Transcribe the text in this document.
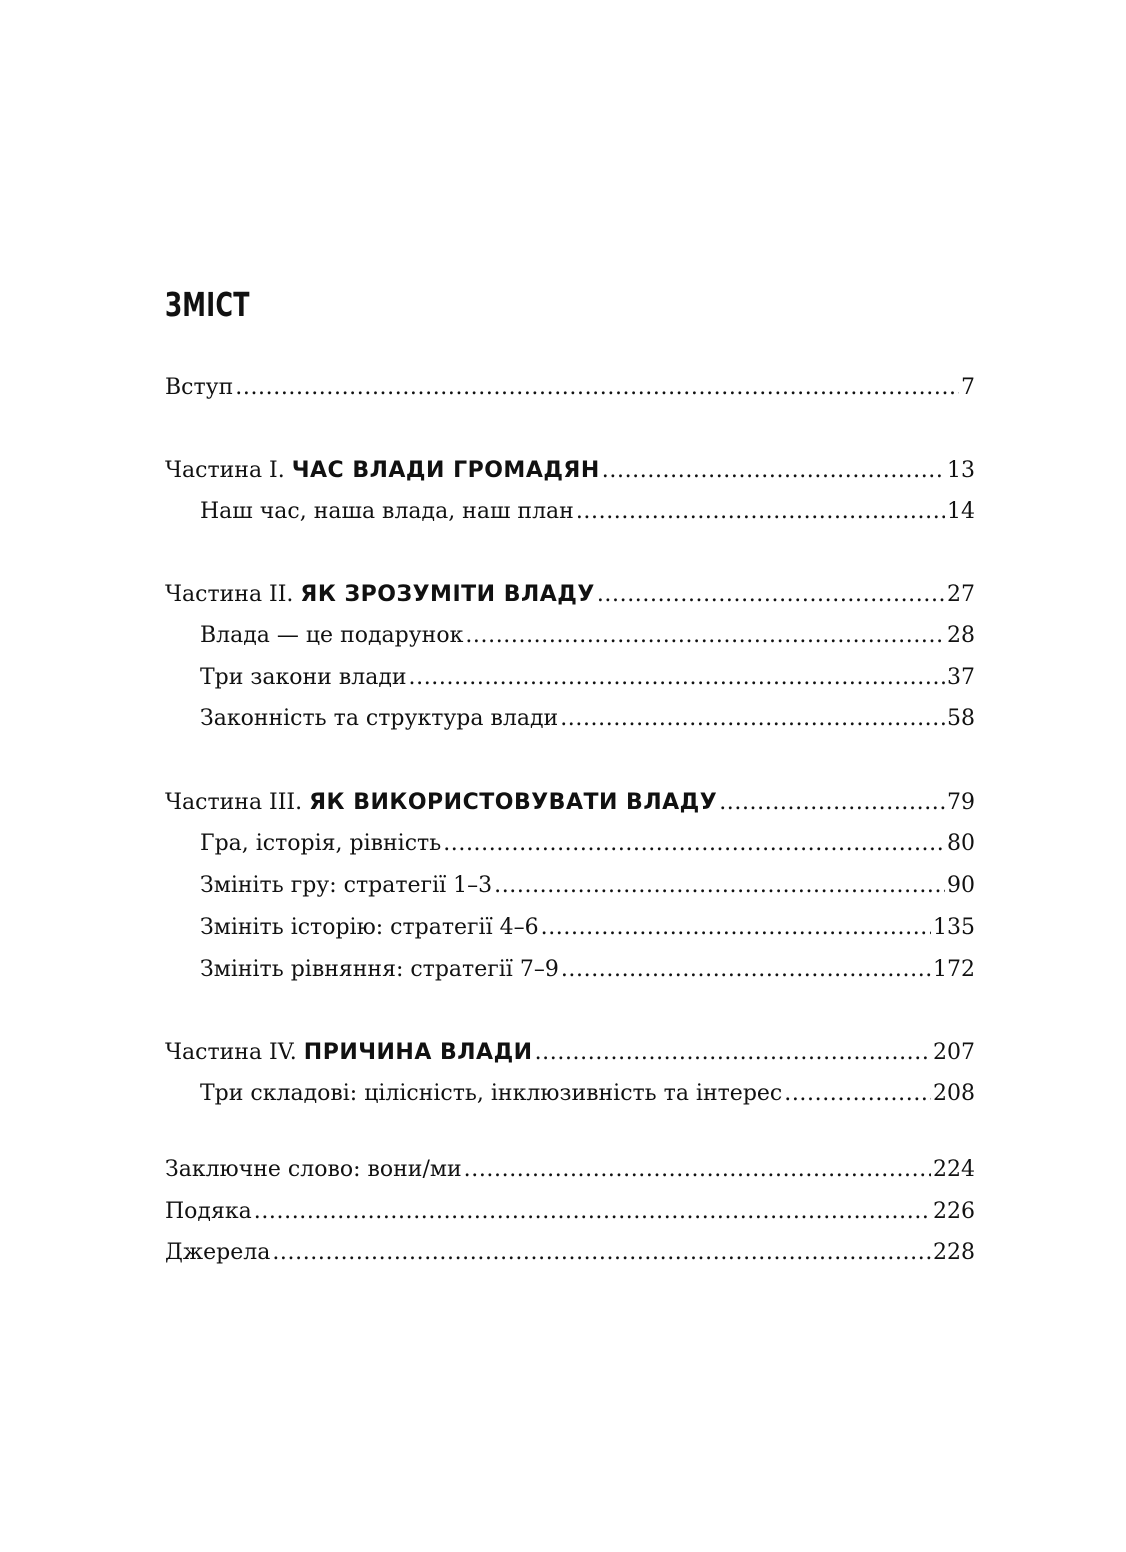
ЗМІСТ
Вступ .....	7
Частина I. ЧАС ВЛАДИ ГРОМАДЯН .....	13
Наш час, наша влада, наш план .....	14
Частина II. ЯК ЗРОЗУМІТИ ВЛАДУ .....	27
Влада — це подарунок .....	28
Три закони влади .....	37
Законність та структура влади .....	58
Частина III. ЯК ВИКОРИСТОВУВАТИ ВЛАДУ .....	79
Гра, історія, рівність .....	80
Змініть гру: стратегії 1–3 .....	90
Змініть історію: стратегії 4–6 .....	135
Змініть рівняння: стратегії 7–9 .....	172
Частина IV. ПРИЧИНА ВЛАДИ .....	207
Три складові: цілісність, інклюзивність та інтерес .....	208
Заключне слово: вони/ми .....	224
Подяка .....	226
Джерела .....	228
